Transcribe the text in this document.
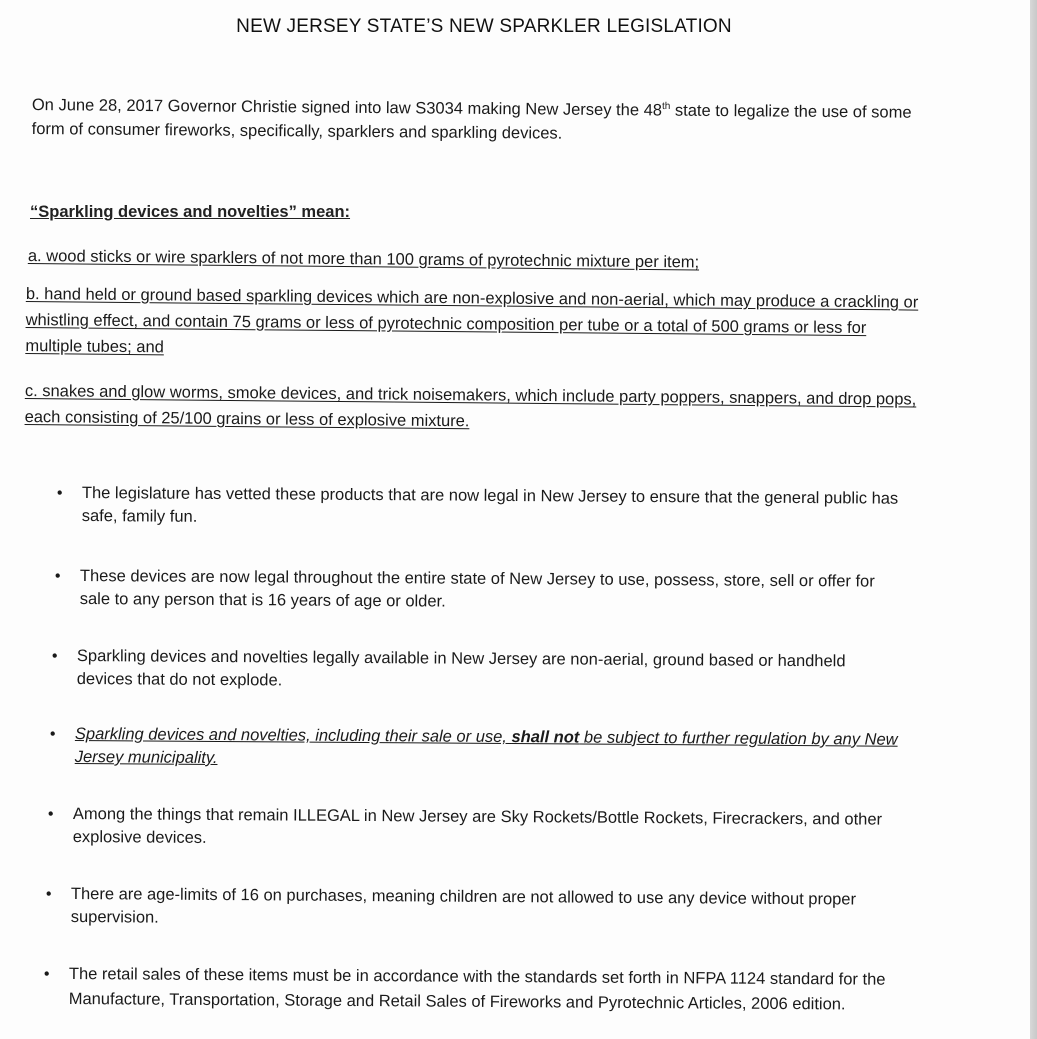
NEW JERSEY STATE’S NEW SPARKLER LEGISLATION

On June 28, 2017 Governor Christie signed into law S3034 making New Jersey the 48th state to legalize the use of some form of consumer fireworks, specifically, sparklers and sparkling devices.

“Sparkling devices and novelties” mean:
a. wood sticks or wire sparklers of not more than 100 grams of pyrotechnic mixture per item;
b. hand held or ground based sparkling devices which are non-explosive and non-aerial, which may produce a crackling or whistling effect, and contain 75 grams or less of pyrotechnic composition per tube or a total of 500 grams or less for multiple tubes; and
c. snakes and glow worms, smoke devices, and trick noisemakers, which include party poppers, snappers, and drop pops, each consisting of 25/100 grains or less of explosive mixture.
• The legislature has vetted these products that are now legal in New Jersey to ensure that the general public has safe, family fun.
• These devices are now legal throughout the entire state of New Jersey to use, possess, store, sell or offer for sale to any person that is 16 years of age or older.
• Sparkling devices and novelties legally available in New Jersey are non-aerial, ground based or handheld devices that do not explode.
• Sparkling devices and novelties, including their sale or use, shall not be subject to further regulation by any New Jersey municipality.
• Among the things that remain ILLEGAL in New Jersey are Sky Rockets/Bottle Rockets, Firecrackers, and other explosive devices.
• There are age-limits of 16 on purchases, meaning children are not allowed to use any device without proper supervision.
• The retail sales of these items must be in accordance with the standards set forth in NFPA 1124 standard for the Manufacture, Transportation, Storage and Retail Sales of Fireworks and Pyrotechnic Articles, 2006 edition.
